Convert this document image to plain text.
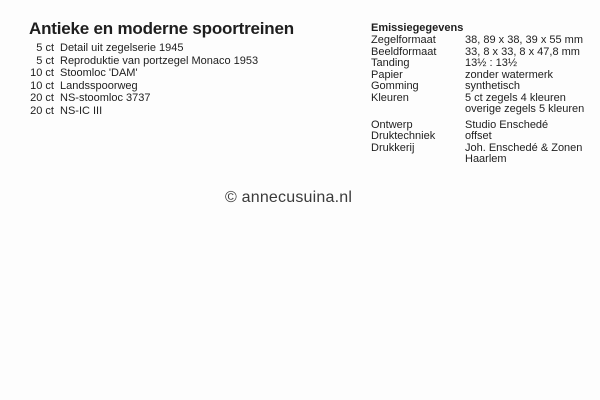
Antieke en moderne spoortreinen
5 ct Detail uit zegelserie 1945
5 ct Reproduktie van portzegel Monaco 1953
10 ct Stoomloc 'DAM'
10 ct Landsspoorweg
20 ct NS-stoomloc 3737
20 ct NS-IC III
Emissiegegevens
Zegelformaat	38, 89 x 38, 39 x 55 mm
Beeldformaat	33, 8 x 33, 8 x 47,8 mm
Tanding	13½ : 13½
Papier	zonder watermerk
Gomming	synthetisch
Kleuren	5 ct zegels 4 kleuren
overige zegels 5 kleuren
Ontwerp	Studio Enschedé
Druktechniek	offset
Drukkerij	Joh. Enschedé & Zonen
Haarlem
© annecusuina.nl
